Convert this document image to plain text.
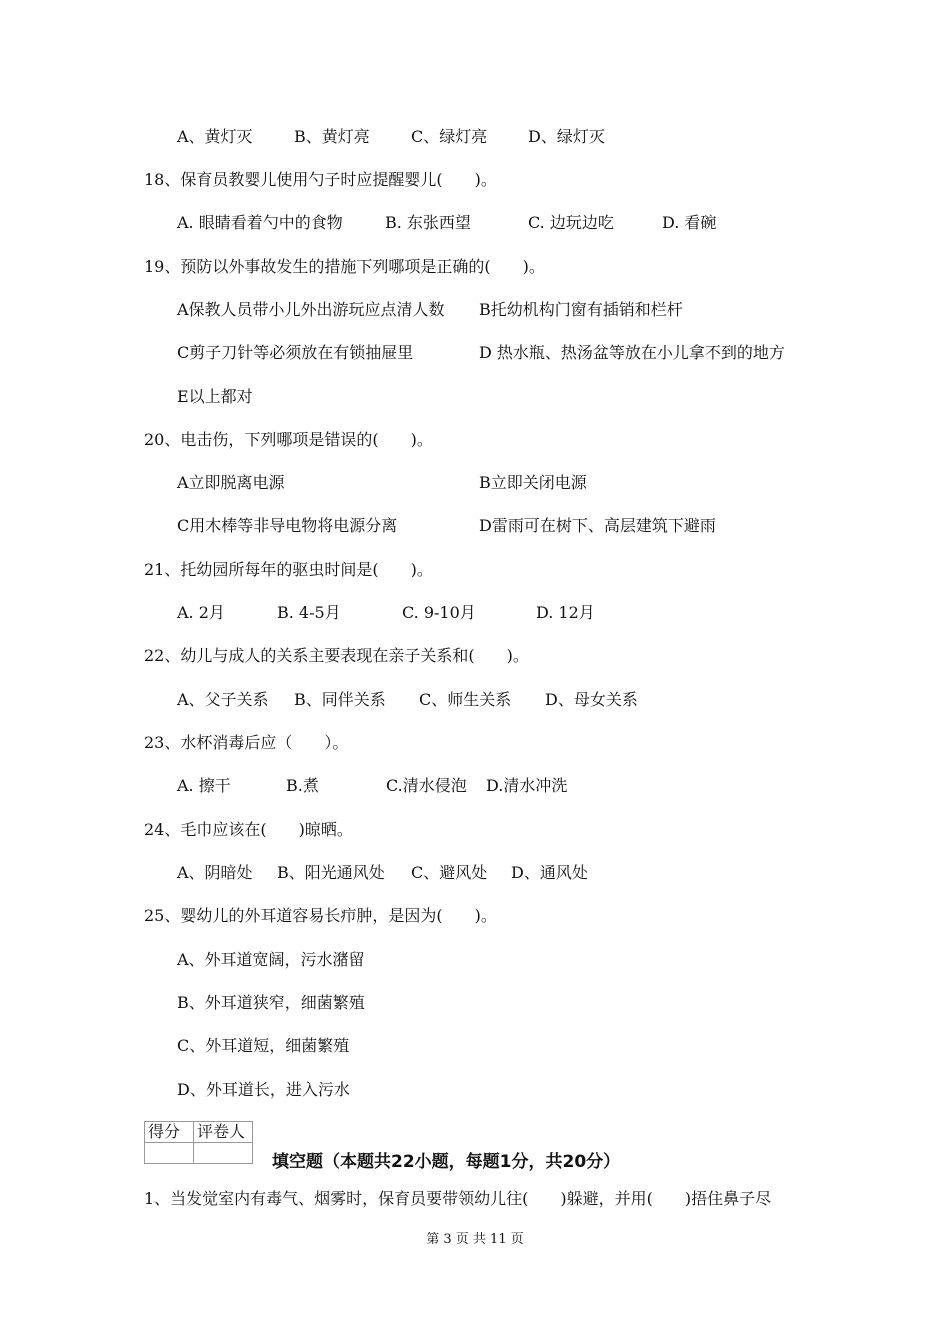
A、黄灯灭	B、黄灯亮	C、绿灯亮	D、绿灯灭
18、保育员教婴儿使用勺子时应提醒婴儿(　　)。
A. 眼睛看着勺中的食物	B. 东张西望	C. 边玩边吃	D. 看碗
19、预防以外事故发生的措施下列哪项是正确的(　　)。
A保教人员带小儿外出游玩应点清人数 B托幼机构门窗有插销和栏杆
C剪子刀针等必须放在有锁抽屉里	D 热水瓶、热汤盆等放在小儿拿不到的地方
E以上都对
20、电击伤，下列哪项是错误的(　　)。
A立即脱离电源	B立即关闭电源
C用木棒等非导电物将电源分离	D雷雨可在树下、高层建筑下避雨
21、托幼园所每年的驱虫时间是(　　)。
A. 2月	B. 4-5月	C. 9-10月	D. 12月
22、幼儿与成人的关系主要表现在亲子关系和(　　)。
A、父子关系 B、同伴关系 C、师生关系 D、母女关系
23、水杯消毒后应（　　）。
A. 擦干	B.煮	C.清水侵泡 D.清水冲洗
24、毛巾应该在(　　)晾晒。
A、阴暗处 B、阳光通风处 C、避风处 D、通风处
25、婴幼儿的外耳道容易长疖肿，是因为(　　)。
A、外耳道宽阔，污水潴留
B、外耳道狭窄，细菌繁殖
C、外耳道短，细菌繁殖
D、外耳道长，进入污水
得分	评卷人

填空题（本题共22小题，每题1分，共20分）
1、当发觉室内有毒气、烟雾时，保育员要带领幼儿往(　　)躲避，并用(　　)捂住鼻子尽
第 3 页 共 11 页
